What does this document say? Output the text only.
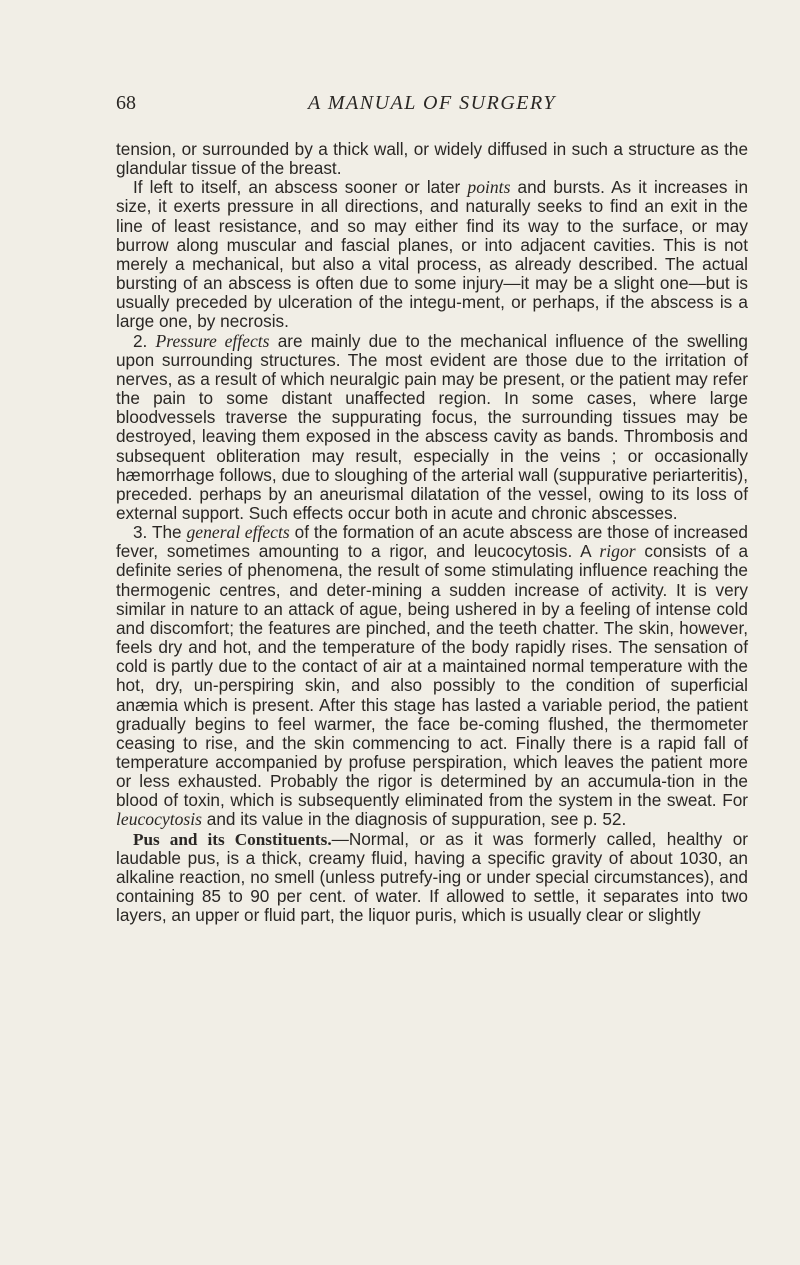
68	A MANUAL OF SURGERY

tension, or surrounded by a thick wall, or widely diffused in such a structure as the glandular tissue of the breast.

If left to itself, an abscess sooner or later points and bursts. As it increases in size, it exerts pressure in all directions, and naturally seeks to find an exit in the line of least resistance, and so may either find its way to the surface, or may burrow along muscular and fascial planes, or into adjacent cavities. This is not merely a mechanical, but also a vital process, as already described. The actual bursting of an abscess is often due to some injury—it may be a slight one—but is usually preceded by ulceration of the integu-ment, or perhaps, if the abscess is a large one, by necrosis.

2. Pressure effects are mainly due to the mechanical influence of the swelling upon surrounding structures. The most evident are those due to the irritation of nerves, as a result of which neuralgic pain may be present, or the patient may refer the pain to some distant unaffected region. In some cases, where large bloodvessels traverse the suppurating focus, the surrounding tissues may be destroyed, leaving them exposed in the abscess cavity as bands. Thrombosis and subsequent obliteration may result, especially in the veins ; or occasionally hæmorrhage follows, due to sloughing of the arterial wall (suppurative periarteritis), preceded. perhaps by an aneurismal dilatation of the vessel, owing to its loss of external support. Such effects occur both in acute and chronic abscesses.

3. The general effects of the formation of an acute abscess are those of increased fever, sometimes amounting to a rigor, and leucocytosis. A rigor consists of a definite series of phenomena, the result of some stimulating influence reaching the thermogenic centres, and deter-mining a sudden increase of activity. It is very similar in nature to an attack of ague, being ushered in by a feeling of intense cold and discomfort; the features are pinched, and the teeth chatter. The skin, however, feels dry and hot, and the temperature of the body rapidly rises. The sensation of cold is partly due to the contact of air at a maintained normal temperature with the hot, dry, un-perspiring skin, and also possibly to the condition of superficial anæmia which is present. After this stage has lasted a variable period, the patient gradually begins to feel warmer, the face be-coming flushed, the thermometer ceasing to rise, and the skin commencing to act. Finally there is a rapid fall of temperature accompanied by profuse perspiration, which leaves the patient more or less exhausted. Probably the rigor is determined by an accumula-tion in the blood of toxin, which is subsequently eliminated from the system in the sweat. For leucocytosis and its value in the diagnosis of suppuration, see p. 52.

Pus and its Constituents.—Normal, or as it was formerly called, healthy or laudable pus, is a thick, creamy fluid, having a specific gravity of about 1030, an alkaline reaction, no smell (unless putrefy-ing or under special circumstances), and containing 85 to 90 per cent. of water. If allowed to settle, it separates into two layers, an upper or fluid part, the liquor puris, which is usually clear or slightly
